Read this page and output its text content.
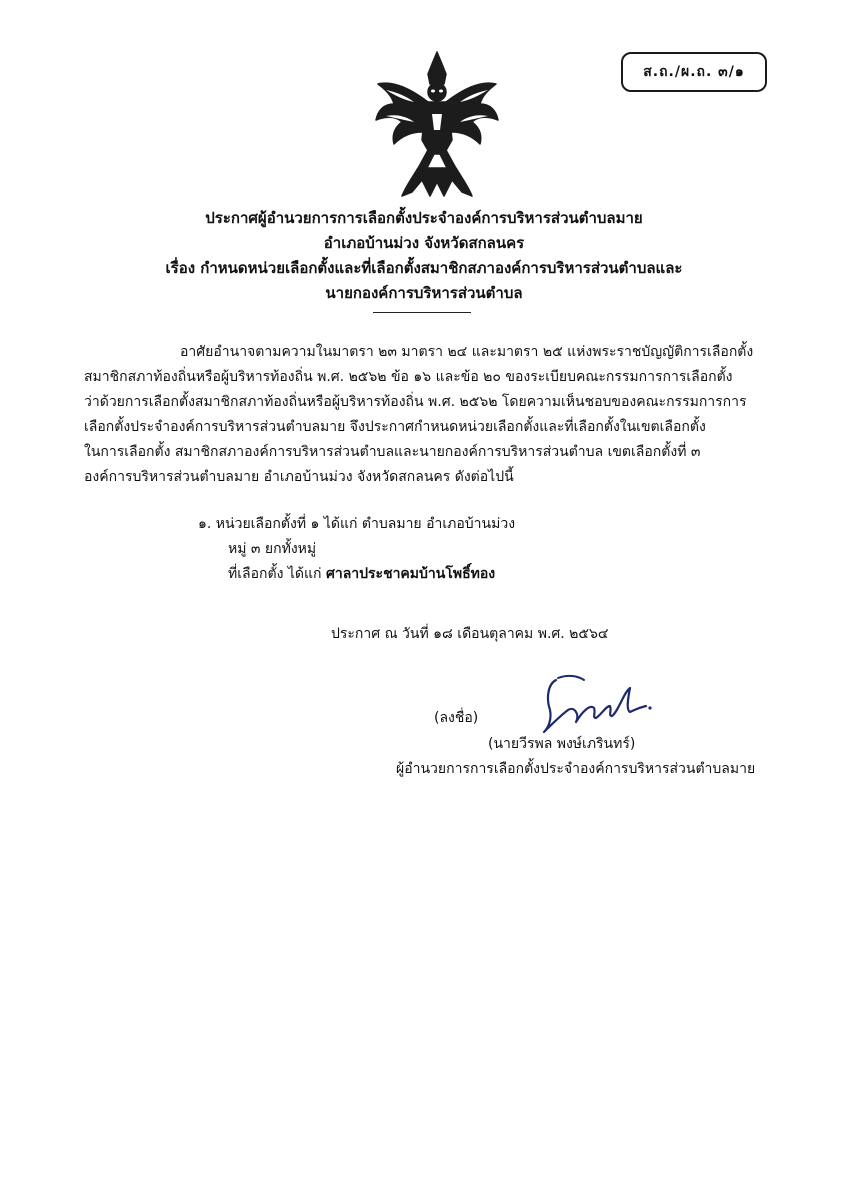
ส.ถ./ผ.ถ. ๓/๑
ประกาศผู้อำนวยการการเลือกตั้งประจำองค์การบริหารส่วนตำบลมาย
อำเภอบ้านม่วง จังหวัดสกลนคร
เรื่อง กำหนดหน่วยเลือกตั้งและที่เลือกตั้งสมาชิกสภาองค์การบริหารส่วนตำบลและ
นายกองค์การบริหารส่วนตำบล
อาศัยอำนาจตามความในมาตรา ๒๓ มาตรา ๒๔ และมาตรา ๒๕ แห่งพระราชบัญญัติการเลือกตั้ง
สมาชิกสภาท้องถิ่นหรือผู้บริหารท้องถิ่น พ.ศ. ๒๕๖๒ ข้อ ๑๖ และข้อ ๒๐ ของระเบียบคณะกรรมการการเลือกตั้ง
ว่าด้วยการเลือกตั้งสมาชิกสภาท้องถิ่นหรือผู้บริหารท้องถิ่น พ.ศ. ๒๕๖๒ โดยความเห็นชอบของคณะกรรมการการ
เลือกตั้งประจำองค์การบริหารส่วนตำบลมาย จึงประกาศกำหนดหน่วยเลือกตั้งและที่เลือกตั้งในเขตเลือกตั้ง
ในการเลือกตั้ง สมาชิกสภาองค์การบริหารส่วนตำบลและนายกองค์การบริหารส่วนตำบล เขตเลือกตั้งที่ ๓
องค์การบริหารส่วนตำบลมาย อำเภอบ้านม่วง จังหวัดสกลนคร ดังต่อไปนี้
๑. หน่วยเลือกตั้งที่ ๑ ได้แก่ ตำบลมาย อำเภอบ้านม่วง
หมู่ ๓ ยกทั้งหมู่
ที่เลือกตั้ง ได้แก่ ศาลาประชาคมบ้านโพธิ์ทอง
ประกาศ ณ วันที่ ๑๘ เดือนตุลาคม พ.ศ. ๒๕๖๔
(ลงชื่อ)
(นายวีรพล พงษ์เภรินทร์)
ผู้อำนวยการการเลือกตั้งประจำองค์การบริหารส่วนตำบลมาย
